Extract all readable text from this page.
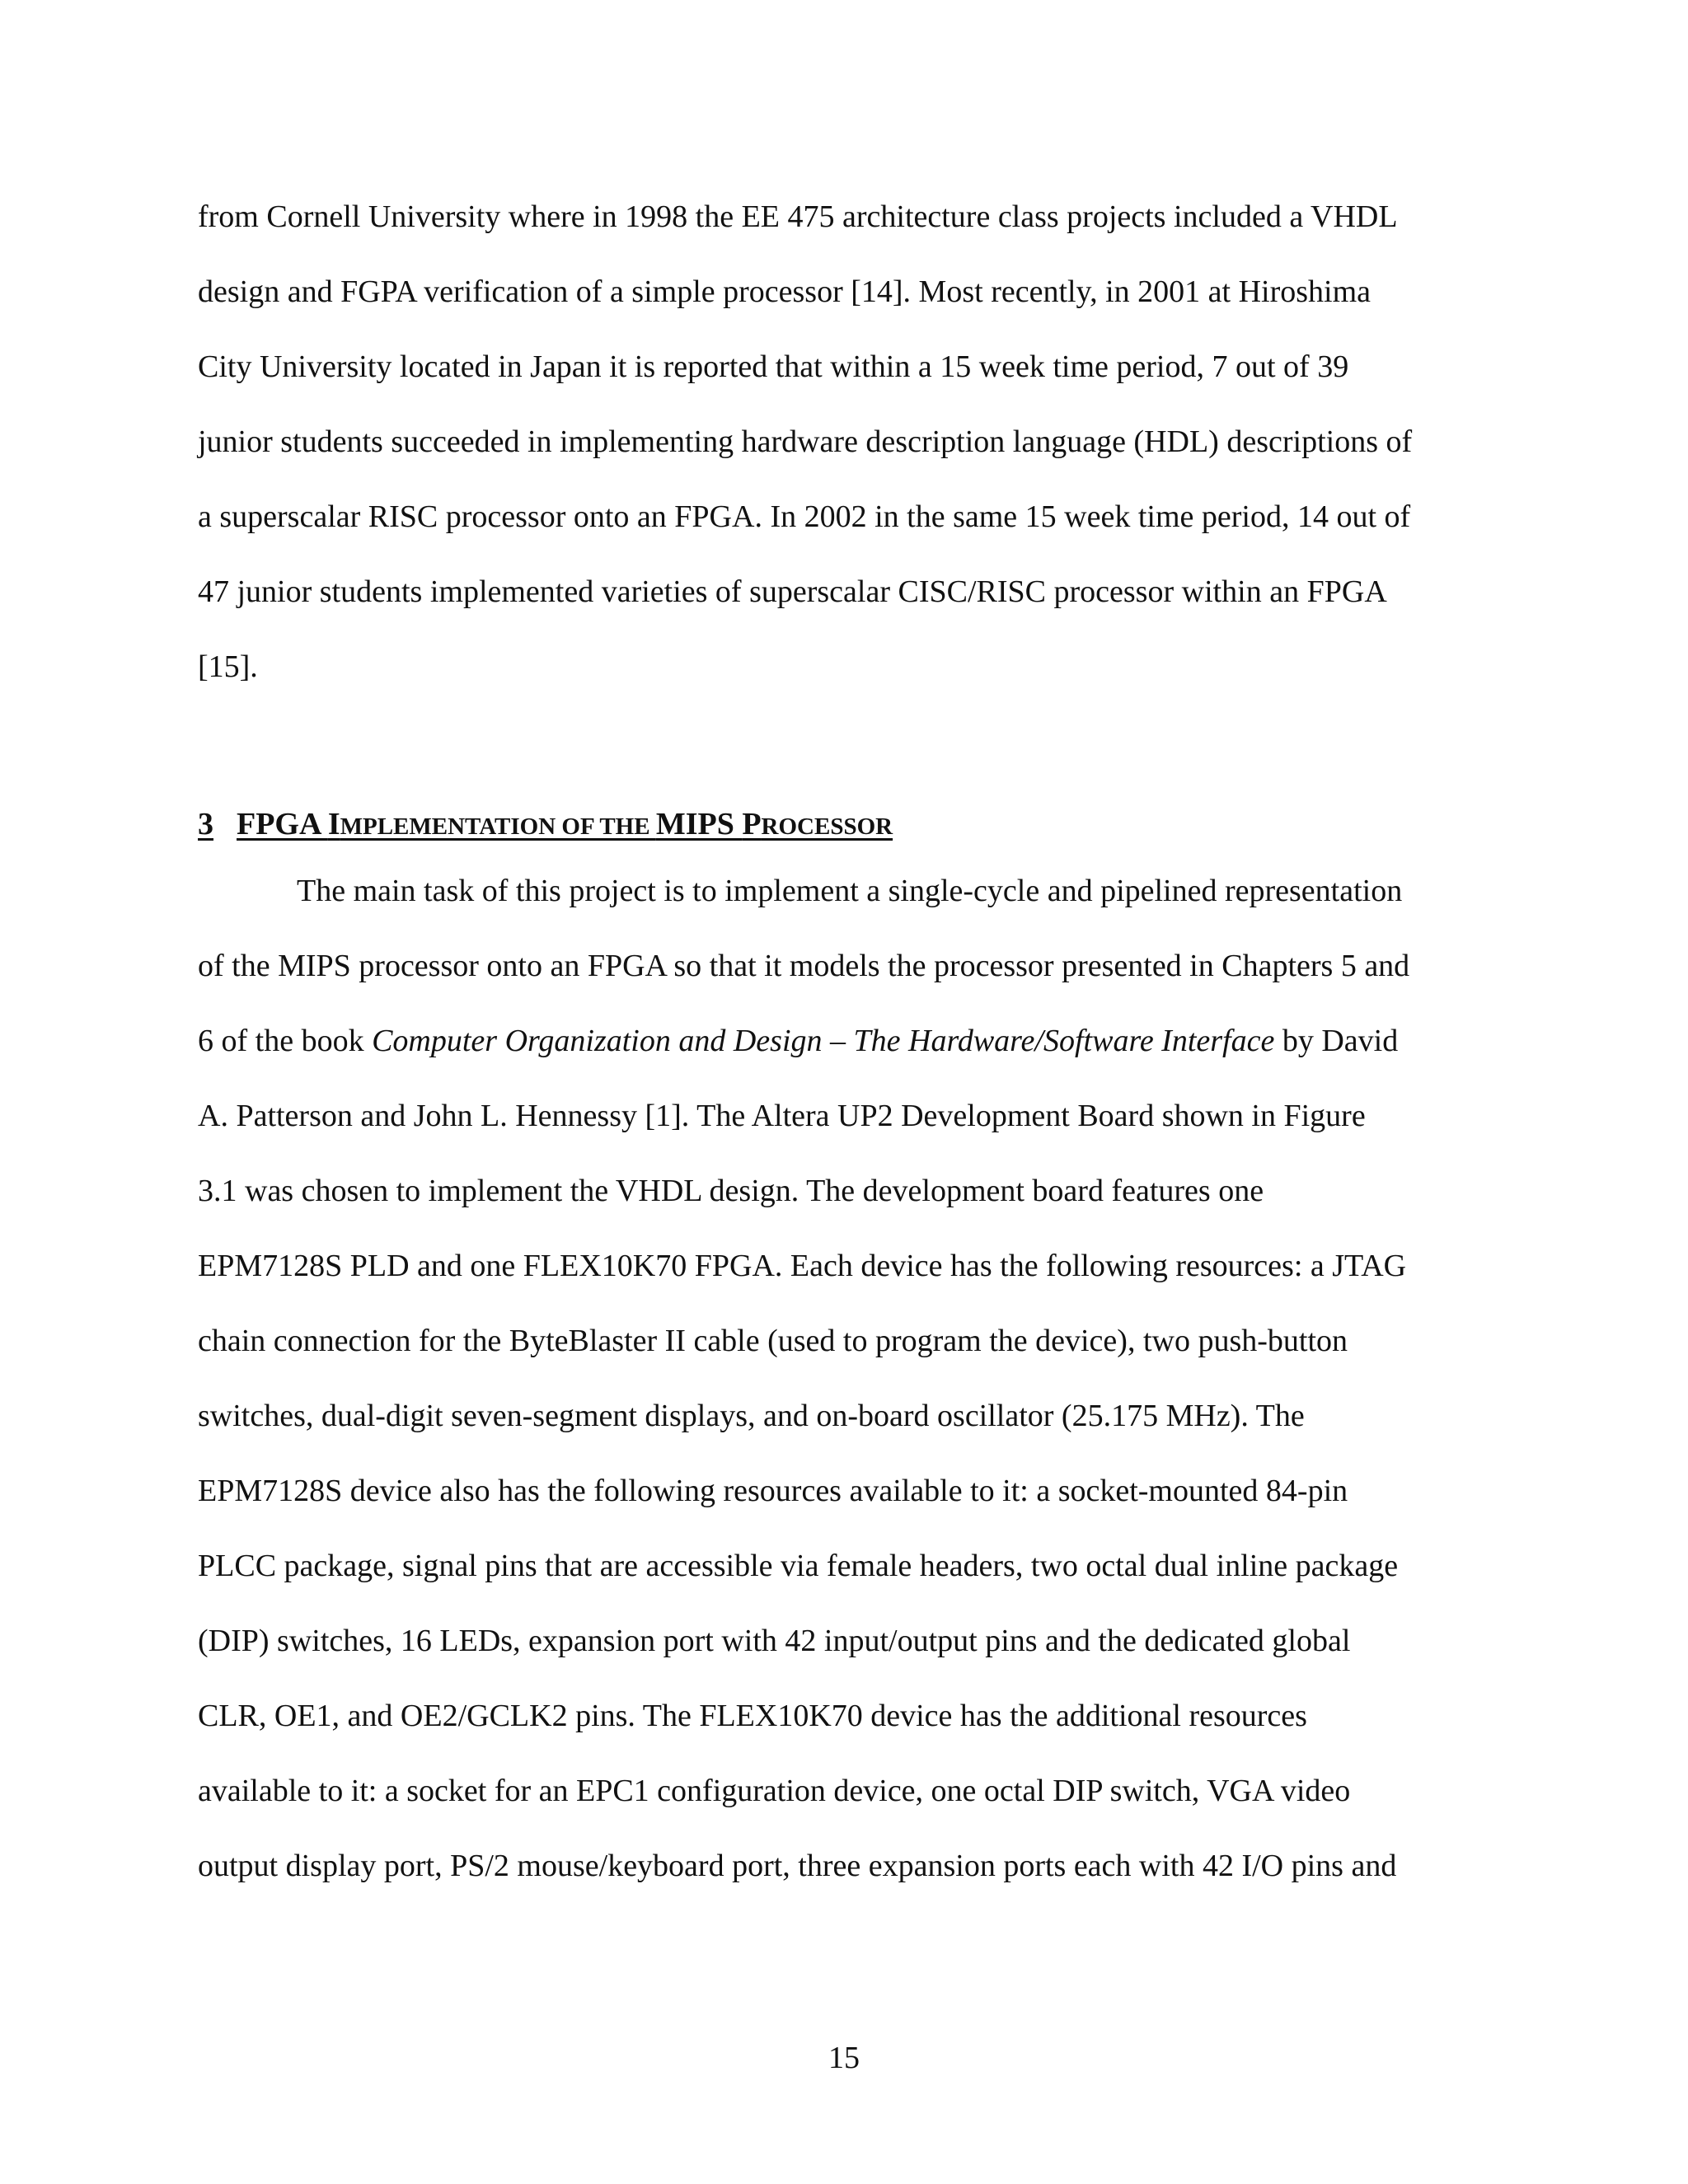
from Cornell University where in 1998 the EE 475 architecture class projects included a VHDL
design and FGPA verification of a simple processor [14]. Most recently, in 2001 at Hiroshima
City University located in Japan it is reported that within a 15 week time period, 7 out of 39
junior students succeeded in implementing hardware description language (HDL) descriptions of
a superscalar RISC processor onto an FPGA. In 2002 in the same 15 week time period, 14 out of
47 junior students implemented varieties of superscalar CISC/RISC processor within an FPGA
[15].
3 FPGA IMPLEMENTATION OF THE MIPS PROCESSOR
The main task of this project is to implement a single-cycle and pipelined representation
of the MIPS processor onto an FPGA so that it models the processor presented in Chapters 5 and
6 of the book Computer Organization and Design – The Hardware/Software Interface by David
A. Patterson and John L. Hennessy [1]. The Altera UP2 Development Board shown in Figure
3.1 was chosen to implement the VHDL design. The development board features one
EPM7128S PLD and one FLEX10K70 FPGA. Each device has the following resources: a JTAG
chain connection for the ByteBlaster II cable (used to program the device), two push-button
switches, dual-digit seven-segment displays, and on-board oscillator (25.175 MHz). The
EPM7128S device also has the following resources available to it: a socket-mounted 84-pin
PLCC package, signal pins that are accessible via female headers, two octal dual inline package
(DIP) switches, 16 LEDs, expansion port with 42 input/output pins and the dedicated global
CLR, OE1, and OE2/GCLK2 pins. The FLEX10K70 device has the additional resources
available to it: a socket for an EPC1 configuration device, one octal DIP switch, VGA video
output display port, PS/2 mouse/keyboard port, three expansion ports each with 42 I/O pins and
15
